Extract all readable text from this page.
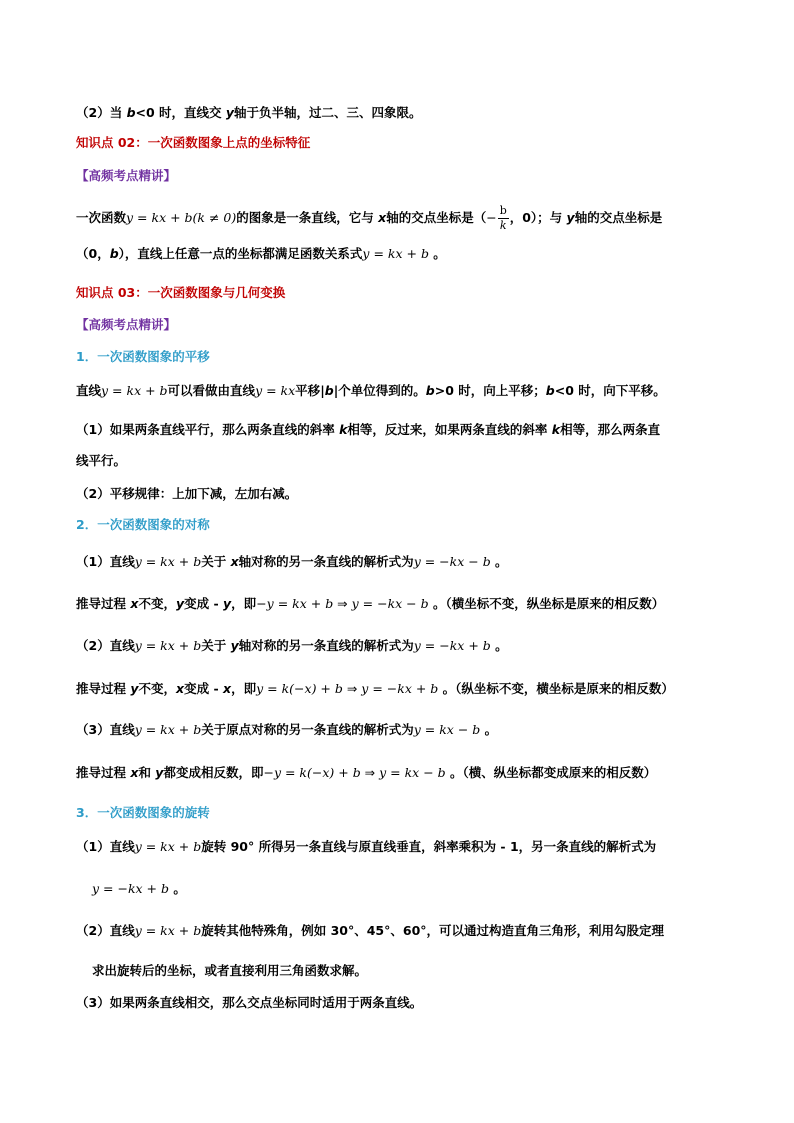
（2）当 b<0 时，直线交 y轴于负半轴，过二、三、四象限。
知识点 02：一次函数图象上点的坐标特征
【高频考点精讲】
一次函数y = kx + b(k ≠ 0)的图象是一条直线，它与 x轴的交点坐标是（− $\frac{b}{k}$ ，0）；与 y轴的交点坐标是
（0，b），直线上任意一点的坐标都满足函数关系式y = kx + b 。
知识点 03：一次函数图象与几何变换
【高频考点精讲】
1．一次函数图象的平移
直线y = kx + b可以看做由直线y = kx平移|b|个单位得到的。b>0 时，向上平移；b<0 时，向下平移。
（1）如果两条直线平行，那么两条直线的斜率 k相等，反过来，如果两条直线的斜率 k相等，那么两条直
线平行。
（2）平移规律：上加下减，左加右减。
2．一次函数图象的对称
（1）直线y = kx + b关于 x轴对称的另一条直线的解析式为y = −kx − b 。
推导过程 x不变，y变成 - y，即−y = kx + b ⇒ y = −kx − b 。（横坐标不变，纵坐标是原来的相反数）
（2）直线y = kx + b关于 y轴对称的另一条直线的解析式为y = −kx + b 。
推导过程 y不变，x变成 - x，即y = k(−x) + b ⇒ y = −kx + b 。（纵坐标不变，横坐标是原来的相反数）
（3）直线y = kx + b关于原点对称的另一条直线的解析式为y = kx − b 。
推导过程 x和 y都变成相反数，即−y = k(−x) + b ⇒ y = kx − b 。（横、纵坐标都变成原来的相反数）
3．一次函数图象的旋转
（1）直线y = kx + b旋转 90° 所得另一条直线与原直线垂直，斜率乘积为 - 1，另一条直线的解析式为
y = −kx + b 。
（2）直线y = kx + b旋转其他特殊角，例如 30°、45°、60°，可以通过构造直角三角形，利用勾股定理
求出旋转后的坐标，或者直接利用三角函数求解。
（3）如果两条直线相交，那么交点坐标同时适用于两条直线。
